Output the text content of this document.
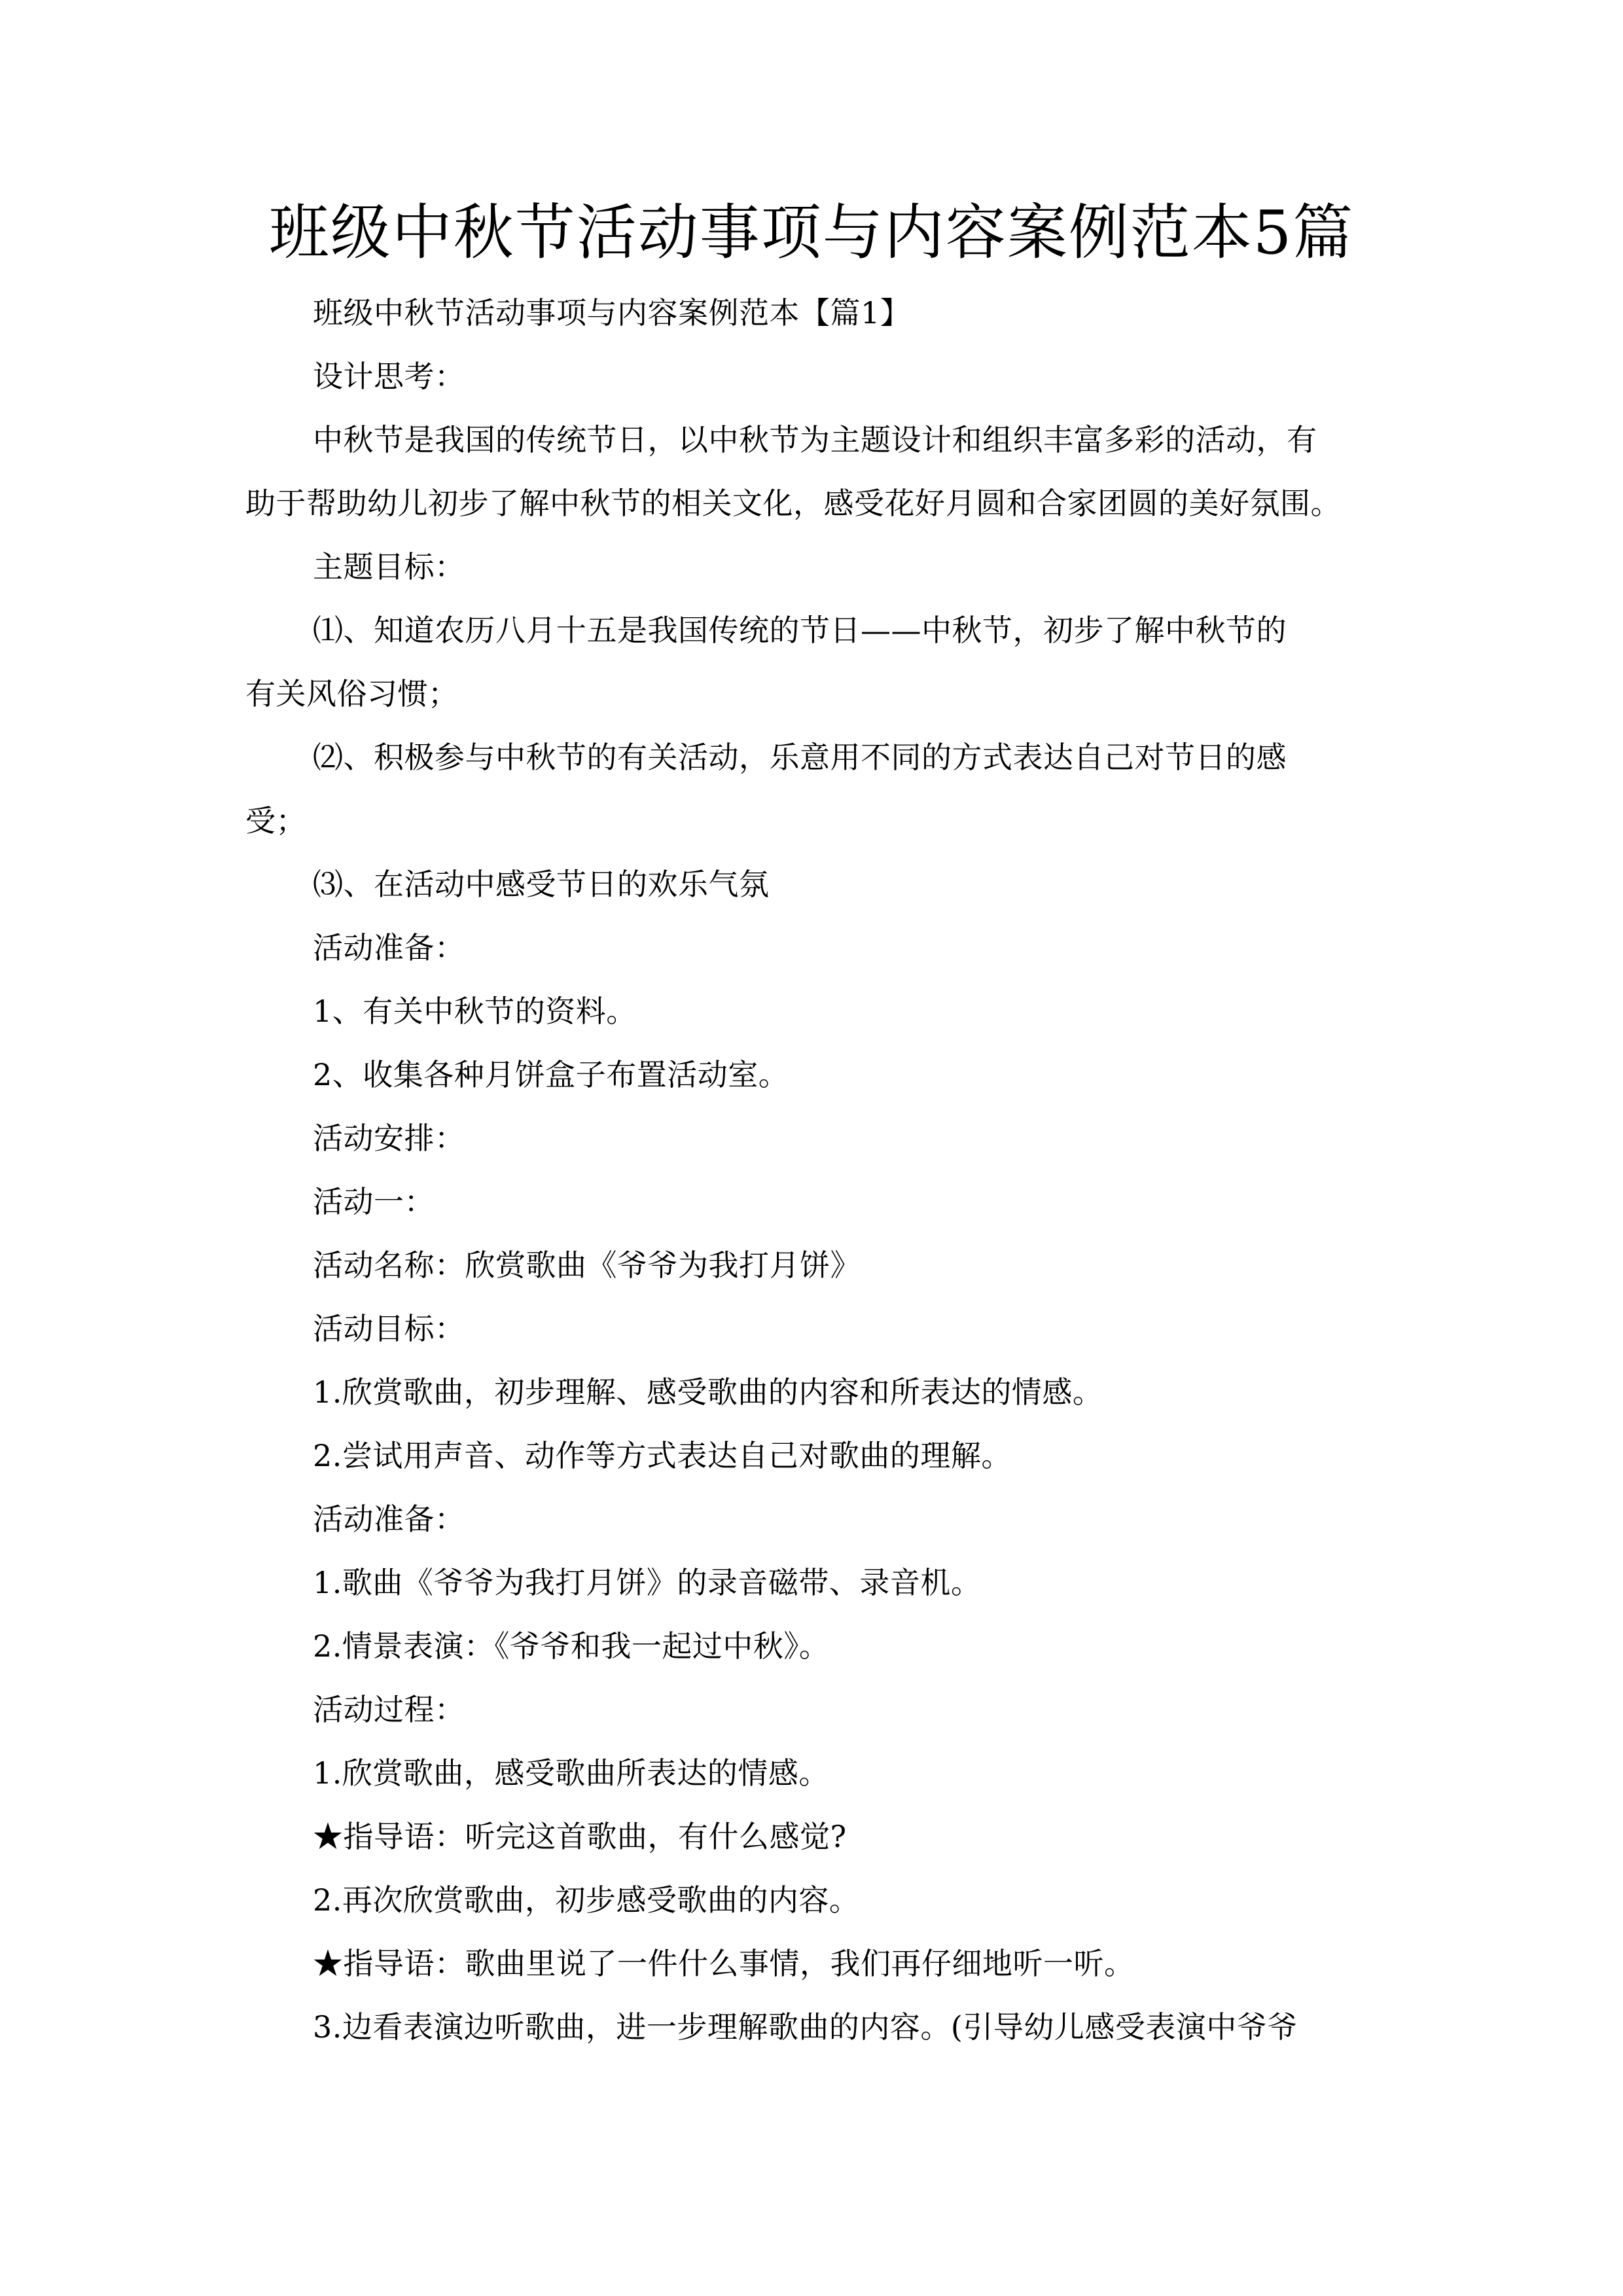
班级中秋节活动事项与内容案例范本5篇

班级中秋节活动事项与内容案例范本【篇1】

设计思考：

中秋节是我国的传统节日，以中秋节为主题设计和组织丰富多彩的活动，有

助于帮助幼儿初步了解中秋节的相关文化，感受花好月圆和合家团圆的美好氛围。

主题目标：

⑴、知道农历八月十五是我国传统的节日——中秋节，初步了解中秋节的

有关风俗习惯；

⑵、积极参与中秋节的有关活动，乐意用不同的方式表达自己对节日的感

受；

⑶、在活动中感受节日的欢乐气氛

活动准备：

1、有关中秋节的资料。

2、收集各种月饼盒子布置活动室。

活动安排：

活动一：

活动名称：欣赏歌曲《爷爷为我打月饼》

活动目标：

1.欣赏歌曲，初步理解、感受歌曲的内容和所表达的情感。

2.尝试用声音、动作等方式表达自己对歌曲的理解。

活动准备：

1.歌曲《爷爷为我打月饼》的录音磁带、录音机。

2.情景表演：《爷爷和我一起过中秋》。

活动过程：

1.欣赏歌曲，感受歌曲所表达的情感。

★指导语：听完这首歌曲，有什么感觉?

2.再次欣赏歌曲，初步感受歌曲的内容。

★指导语：歌曲里说了一件什么事情，我们再仔细地听一听。

3.边看表演边听歌曲，进一步理解歌曲的内容。(引导幼儿感受表演中爷爷
